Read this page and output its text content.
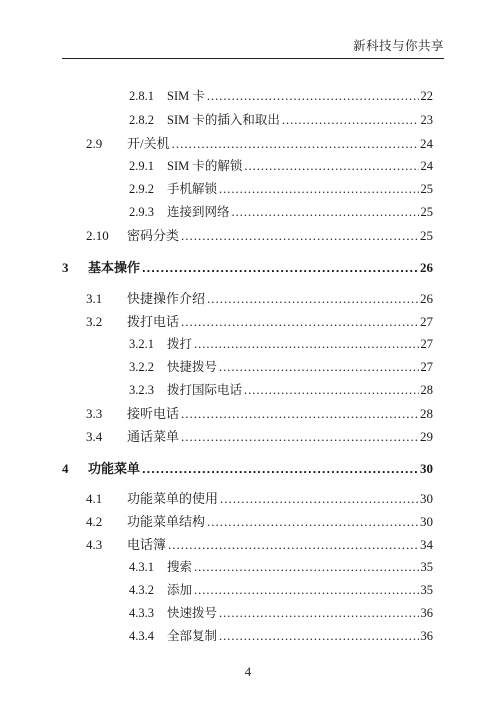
新科技与你共享
2.8.1	SIM 卡 .....	22
2.8.2	SIM 卡的插入和取出 .....	23
2.9	开/关机 .....	24
2.9.1	SIM 卡的解锁 .....	24
2.9.2	手机解锁 .....	25
2.9.3	连接到网络 .....	25
2.10	密码分类 .....	25
3	基本操作 .....	26
3.1	快捷操作介绍 .....	26
3.2	拨打电话 .....	27
3.2.1	拨打 .....	27
3.2.2	快捷拨号 .....	27
3.2.3	拨打国际电话 .....	28
3.3	接听电话 .....	28
3.4	通话菜单 .....	29
4	功能菜单 .....	30
4.1	功能菜单的使用 .....	30
4.2	功能菜单结构 .....	30
4.3	电话簿 .....	34
4.3.1	搜索 .....	35
4.3.2	添加 .....	35
4.3.3	快速拨号 .....	36
4.3.4	全部复制 .....	36
4
